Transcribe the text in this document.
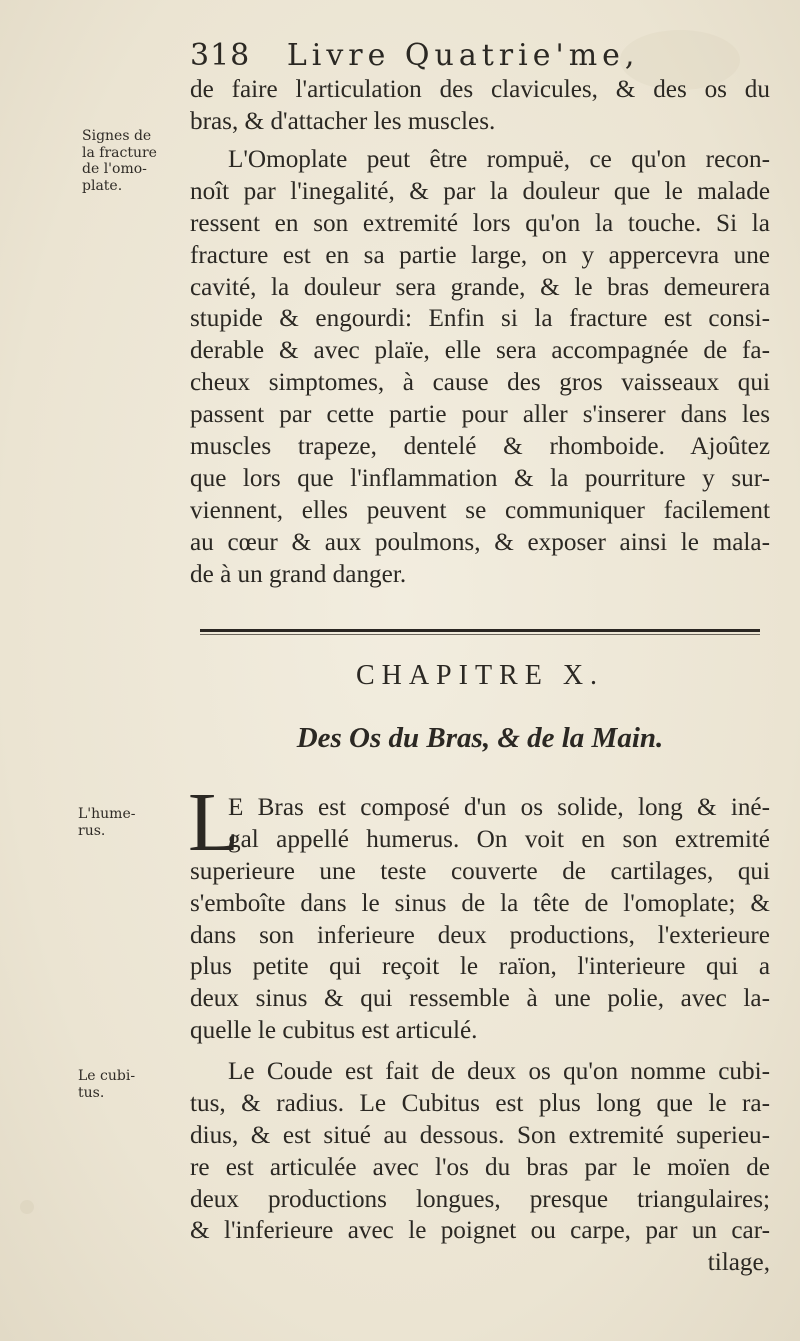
318 Livre Quatrie'me,
Signes de
la fracture
de l'omo-
plate.
L'hume-
rus.
Le cubi-
tus.
de faire l'articulation des clavicules, & des os du
bras, & d'attacher les muscles.
L'Omoplate peut être rompuë, ce qu'on recon-
noît par l'inegalité, & par la douleur que le malade
ressent en son extremité lors qu'on la touche. Si la
fracture est en sa partie large, on y appercevra une
cavité, la douleur sera grande, & le bras demeurera
stupide & engourdi: Enfin si la fracture est consi-
derable & avec plaïe, elle sera accompagnée de fa-
cheux simptomes, à cause des gros vaisseaux qui
passent par cette partie pour aller s'inserer dans les
muscles trapeze, dentelé & rhomboide. Ajoûtez
que lors que l'inflammation & la pourriture y sur-
viennent, elles peuvent se communiquer facilement
au cœur & aux poulmons, & exposer ainsi le mala-
de à un grand danger.
CHAPITRE X.
Des Os du Bras, & de la Main.
L
E Bras est composé d'un os solide, long & iné-
gal appellé humerus. On voit en son extremité
superieure une teste couverte de cartilages, qui
s'emboîte dans le sinus de la tête de l'omoplate; &
dans son inferieure deux productions, l'exterieure
plus petite qui reçoit le raïon, l'interieure qui a
deux sinus & qui ressemble à une polie, avec la-
quelle le cubitus est articulé.
Le Coude est fait de deux os qu'on nomme cubi-
tus, & radius. Le Cubitus est plus long que le ra-
dius, & est situé au dessous. Son extremité superieu-
re est articulée avec l'os du bras par le moïen de
deux productions longues, presque triangulaires;
& l'inferieure avec le poignet ou carpe, par un car-
tilage,
